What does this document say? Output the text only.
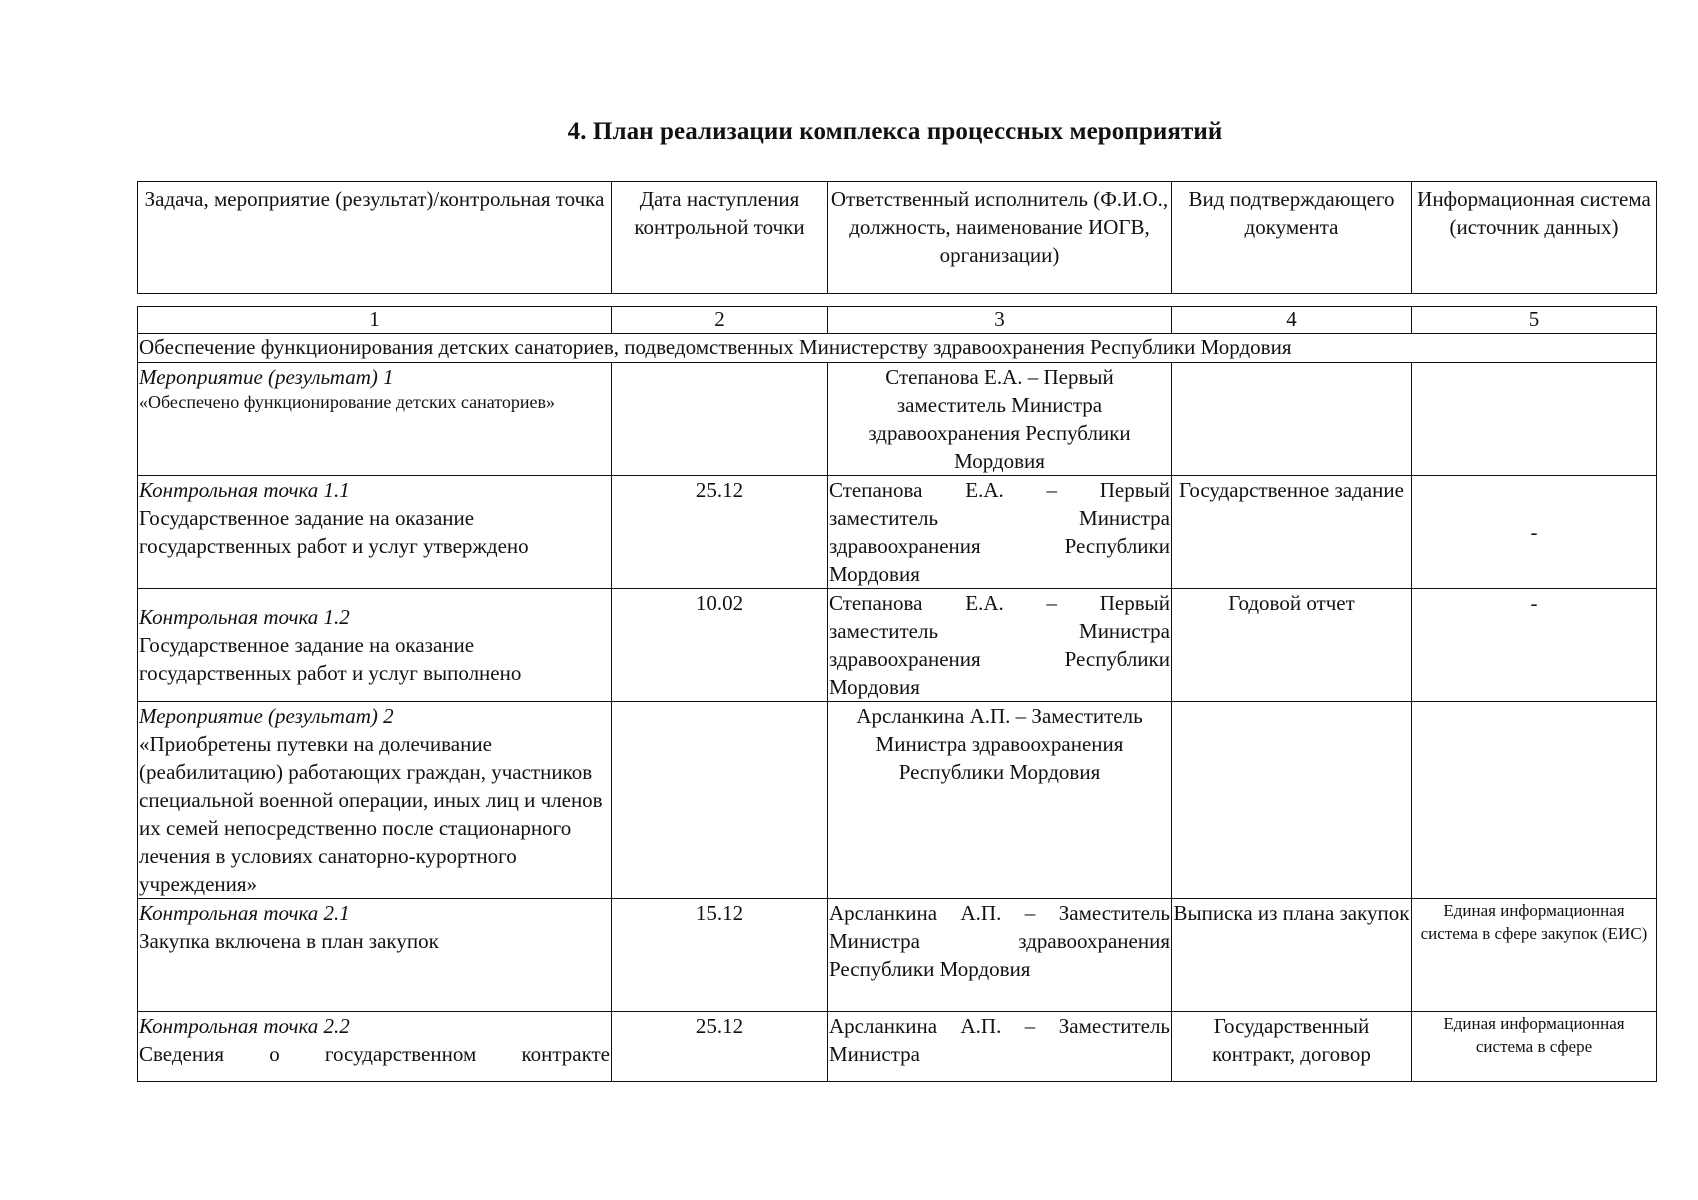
4. План реализации комплекса процессных мероприятий
Задача, мероприятие (результат)/контрольная точка	Дата наступления контрольной точки	Ответственный исполнитель (Ф.И.О., должность, наименование ИОГВ, организации)	Вид подтверждающего документа	Информационная система (источник данных)
1	2	3	4	5
Обеспечение функционирования детских санаториев, подведомственных Министерству здравоохранения Республики Мордовия				

Мероприятие (результат) 1
«Обеспечено функционирование детских санаториев»		Степанова Е.А. – Первый заместитель Министра здравоохранения Республики Мордовия		

Контрольная точка 1.1
Государственное задание на оказание государственных работ и услуг утверждено	25.12	Степанова Е.А. – Первый заместитель Министра здравоохранения Республики Мордовия	Государственное задание	-

Контрольная точка 1.2
Государственное задание на оказание государственных работ и услуг выполнено	10.02	Степанова Е.А. – Первый заместитель Министра здравоохранения Республики Мордовия	Годовой отчет	-

Мероприятие (результат) 2
«Приобретены путевки на долечивание (реабилитацию) работающих граждан, участников специальной военной операции, иных лиц и членов их семей непосредственно после стационарного лечения в условиях санаторно-курортного учреждения»		Арсланкина А.П. – Заместитель Министра здравоохранения Республики Мордовия		

Контрольная точка 2.1
Закупка включена в план закупок	15.12	Арсланкина А.П. – Заместитель Министра здравоохранения Республики Мордовия	Выписка из плана закупок	Единая информационная система в сфере закупок (ЕИС)

Контрольная точка 2.2
Сведения о государственном контракте	25.12	Арсланкина А.П. – Заместитель Министра	Государственный контракт, договор	Единая информационная система в сфере
